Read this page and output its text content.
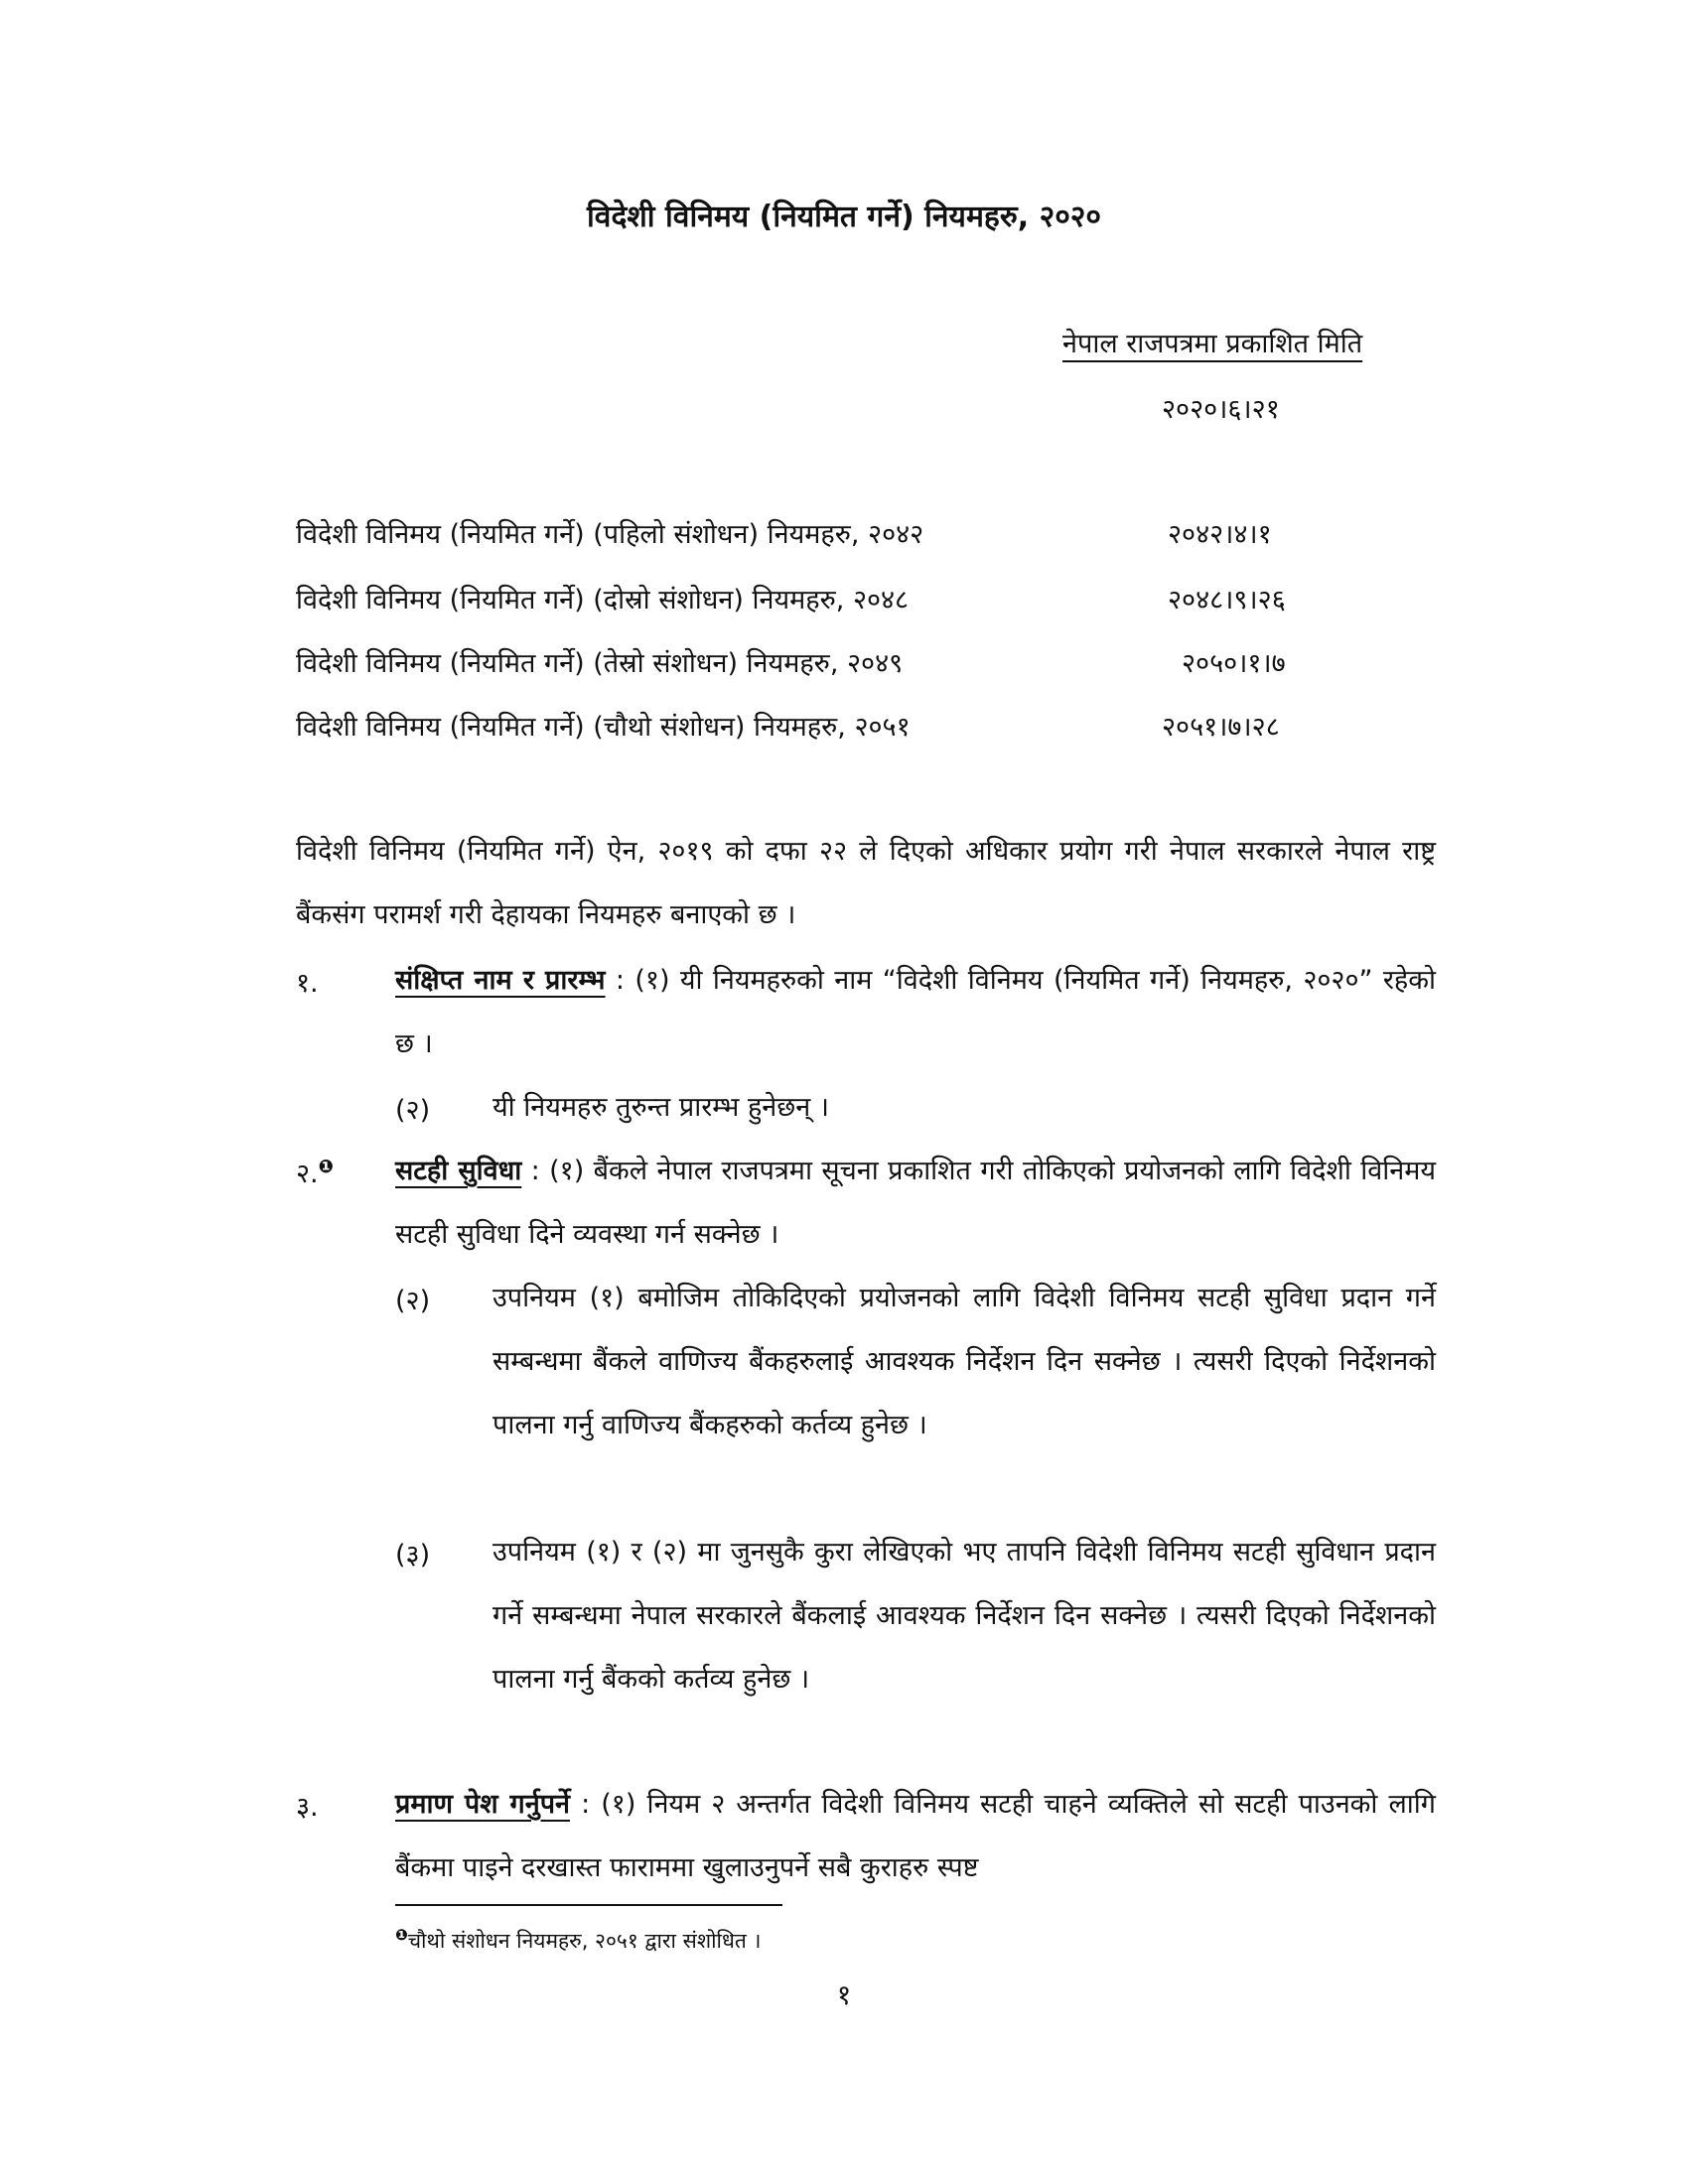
विदेशी विनिमय (नियमित गर्ने) नियमहरु, २०२०
नेपाल राजपत्रमा प्रकाशित मिति
२०२०।६।२१
विदेशी विनिमय (नियमित गर्ने) (पहिलो संशोधन) नियमहरु, २०४२	२०४२।४।१
विदेशी विनिमय (नियमित गर्ने) (दोस्रो संशोधन) नियमहरु, २०४८	२०४८।९।२६
विदेशी विनिमय (नियमित गर्ने) (तेस्रो संशोधन) नियमहरु, २०४९	२०५०।१।७
विदेशी विनिमय (नियमित गर्ने) (चौथो संशोधन) नियमहरु, २०५१	२०५१।७।२८
विदेशी विनिमय (नियमित गर्ने) ऐन, २०१९ को दफा २२ ले दिएको अधिकार प्रयोग गरी नेपाल सरकारले नेपाल राष्ट्र बैंकसंग परामर्श गरी देहायका नियमहरु बनाएको छ ।
१.	संक्षिप्त नाम र प्रारम्भ : (१) यी नियमहरुको नाम “विदेशी विनिमय (नियमित गर्ने) नियमहरु, २०२०” रहेको छ ।
(२) यी नियमहरु तुरुन्त प्रारम्भ हुनेछन् ।
२.$^❶$ सटही सुविधा : (१) बैंकले नेपाल राजपत्रमा सूचना प्रकाशित गरी तोकिएको प्रयोजनको लागि विदेशी विनिमय सटही सुविधा दिने व्यवस्था गर्न सक्नेछ ।
(२) उपनियम (१) बमोजिम तोकिदिएको प्रयोजनको लागि विदेशी विनिमय सटही सुविधा प्रदान गर्ने सम्बन्धमा बैंकले वाणिज्य बैंकहरुलाई आवश्यक निर्देशन दिन सक्नेछ । त्यसरी दिएको निर्देशनको पालना गर्नु वाणिज्य बैंकहरुको कर्तव्य हुनेछ ।
(३) उपनियम (१) र (२) मा जुनसुकै कुरा लेखिएको भए तापनि विदेशी विनिमय सटही सुविधान प्रदान गर्ने सम्बन्धमा नेपाल सरकारले बैंकलाई आवश्यक निर्देशन दिन सक्नेछ । त्यसरी दिएको निर्देशनको पालना गर्नु बैंकको कर्तव्य हुनेछ ।
३.	प्रमाण पेश गर्नुपर्ने : (१) नियम २ अन्तर्गत विदेशी विनिमय सटही चाहने व्यक्तिले सो सटही पाउनको लागि बैंकमा पाइने दरखास्त फाराममा खुलाउनुपर्ने सबै कुराहरु स्पष्ट
$^❶$चौथो संशोधन नियमहरु, २०५१ द्वारा संशोधित ।
१
